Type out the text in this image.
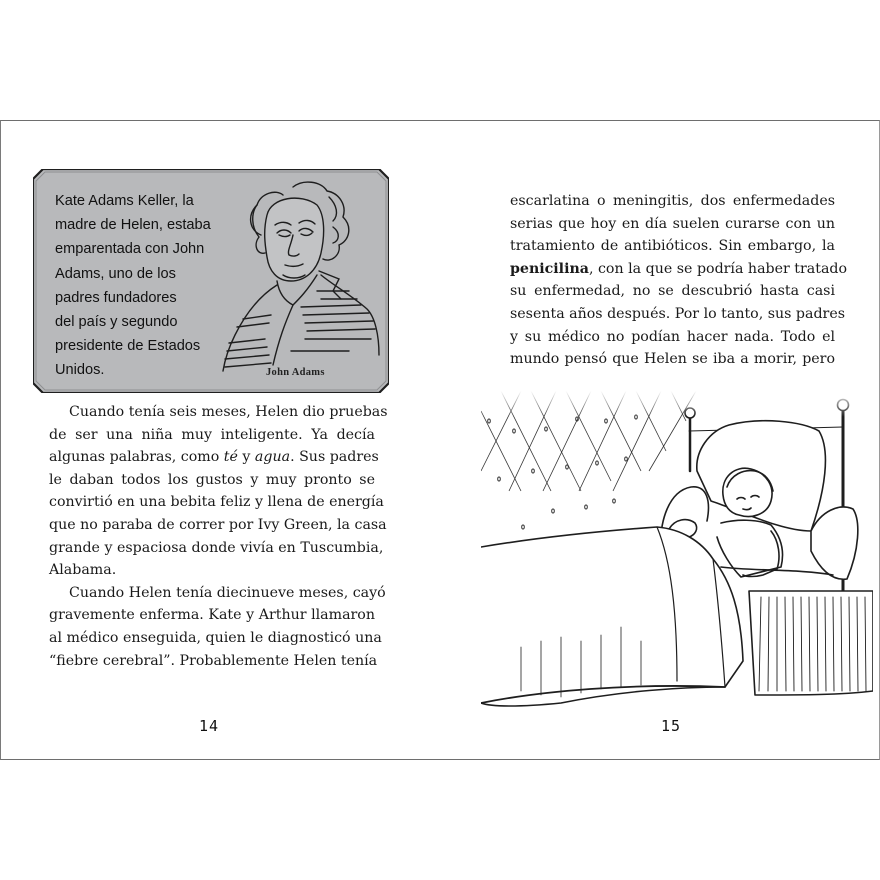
Kate Adams Keller, la
madre de Helen, estaba
emparentada con John
Adams, uno de los
padres fundadores
del país y segundo
presidente de Estados
Unidos.	John Adams
Cuando tenía seis meses, Helen dio pruebas
de ser una niña muy inteligente. Ya decía
algunas palabras, como té y agua. Sus padres
le daban todos los gustos y muy pronto se
convirtió en una bebita feliz y llena de energía
que no paraba de correr por Ivy Green, la casa
grande y espaciosa donde vivía en Tuscumbia,
Alabama.
Cuando Helen tenía diecinueve meses, cayó
gravemente enferma. Kate y Arthur llamaron
al médico enseguida, quien le diagnosticó una
“fiebre cerebral”. Probablemente Helen tenía
14
escarlatina o meningitis, dos enfermedades
serias que hoy en día suelen curarse con un
tratamiento de antibióticos. Sin embargo, la
penicilina, con la que se podría haber tratado
su enfermedad, no se descubrió hasta casi
sesenta años después. Por lo tanto, sus padres
y su médico no podían hacer nada. Todo el
mundo pensó que Helen se iba a morir, pero
15
